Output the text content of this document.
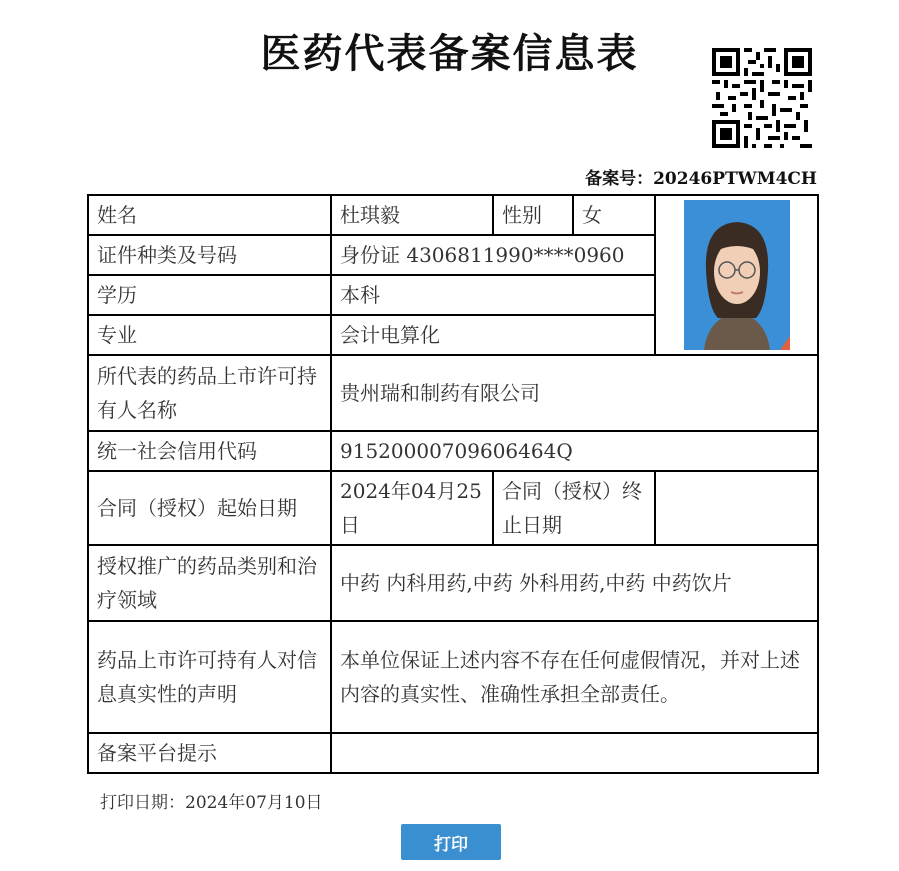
医药代表备案信息表
备案号：20246PTWM4CH
姓名	杜琪毅	性别	女	
证件种类及号码	身份证 4306811990****0960			
学历	本科			
专业	会计电算化			
所代表的药品上市许可持有人名称	贵州瑞和制药有限公司			
统一社会信用代码	91520000709606464Q			
合同（授权）起始日期	2024年04月25日	合同（授权）终止日期		
授权推广的药品类别和治疗领域	中药 内科用药,中药 外科用药,中药 中药饮片			
药品上市许可持有人对信息真实性的声明	本单位保证上述内容不存在任何虚假情况，并对上述内容的真实性、准确性承担全部责任。			
备案平台提示				
打印日期：2024年07月10日
打印
